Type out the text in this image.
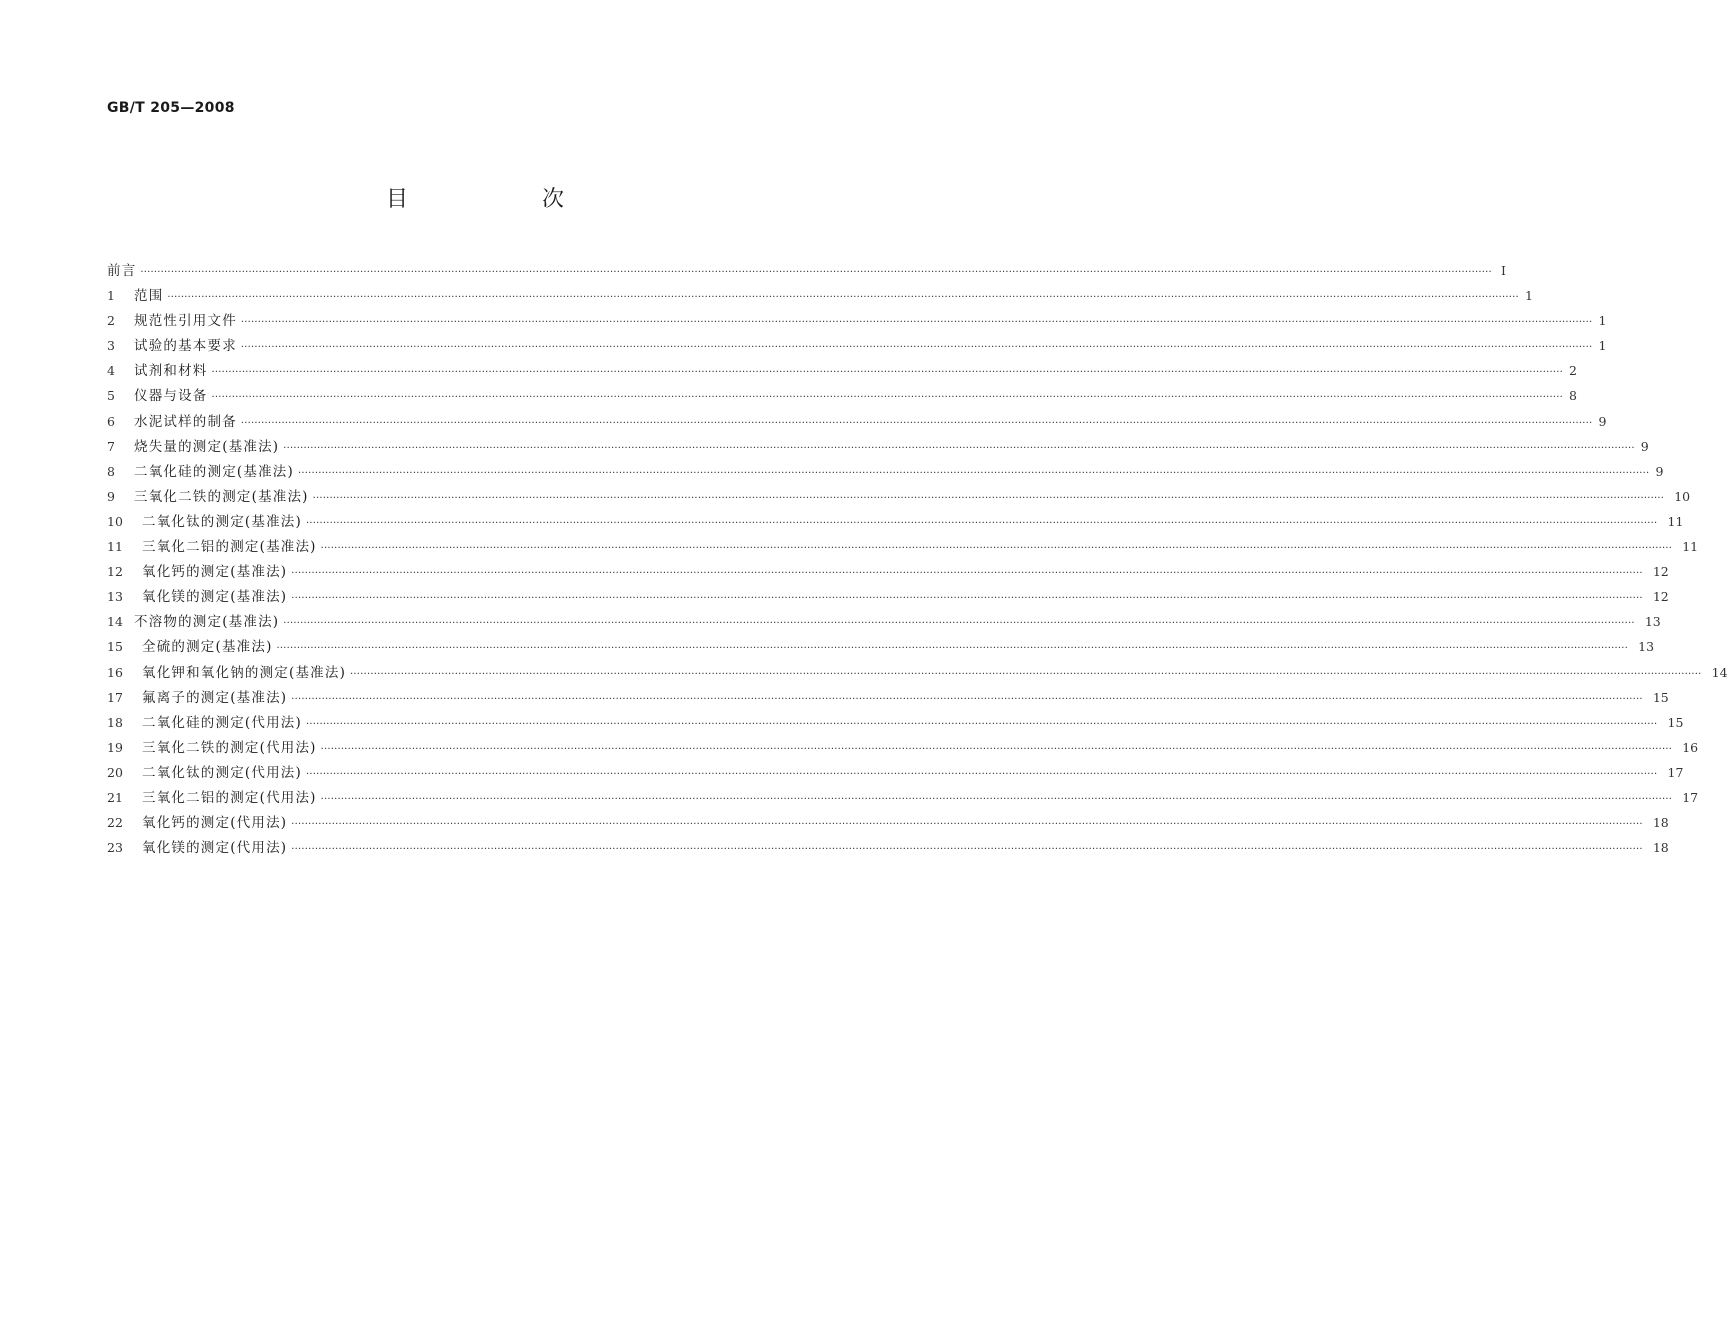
GB/T 205—2008
目　次
前言 ················································································································································································································································································································································································································ Ⅰ
1	范围 ················································································································································································································································································································································································································ 1
2	规范性引用文件 ················································································································································································································································································································································································································ 1
3	试验的基本要求 ················································································································································································································································································································································································································ 1
4	试剂和材料 ················································································································································································································································································································································································································ 2
5	仪器与设备 ················································································································································································································································································································································································································ 8
6	水泥试样的制备 ················································································································································································································································································································································································································ 9
7	烧失量的测定(基准法) ················································································································································································································································································································································································································ 9
8	二氧化硅的测定(基准法) ················································································································································································································································································································································································································ 9
9	三氧化二铁的测定(基准法) ················································································································································································································································································································································································································ 10
10	二氧化钛的测定(基准法) ················································································································································································································································································································································································································ 11
11	三氧化二铝的测定(基准法) ················································································································································································································································································································································································································ 11
12	氧化钙的测定(基准法) ················································································································································································································································································································································································································ 12
13	氧化镁的测定(基准法) ················································································································································································································································································································································································································ 12
14 不溶物的测定(基准法) ················································································································································································································································································································································································································ 13
15	全硫的测定(基准法) ················································································································································································································································································································································································································ 13
16	氧化钾和氧化钠的测定(基准法) ················································································································································································································································································································································································································ 14
17	氟离子的测定(基准法) ················································································································································································································································································································································································································ 15
18	二氧化硅的测定(代用法) ················································································································································································································································································································································································································ 15
19	三氧化二铁的测定(代用法) ················································································································································································································································································································································································································ 16
20	二氧化钛的测定(代用法) ················································································································································································································································································································································································································ 17
21	三氧化二铝的测定(代用法) ················································································································································································································································································································································································································ 17
22	氧化钙的测定(代用法) ················································································································································································································································································································································································································ 18
23	氧化镁的测定(代用法) ················································································································································································································································································································································································································ 18
